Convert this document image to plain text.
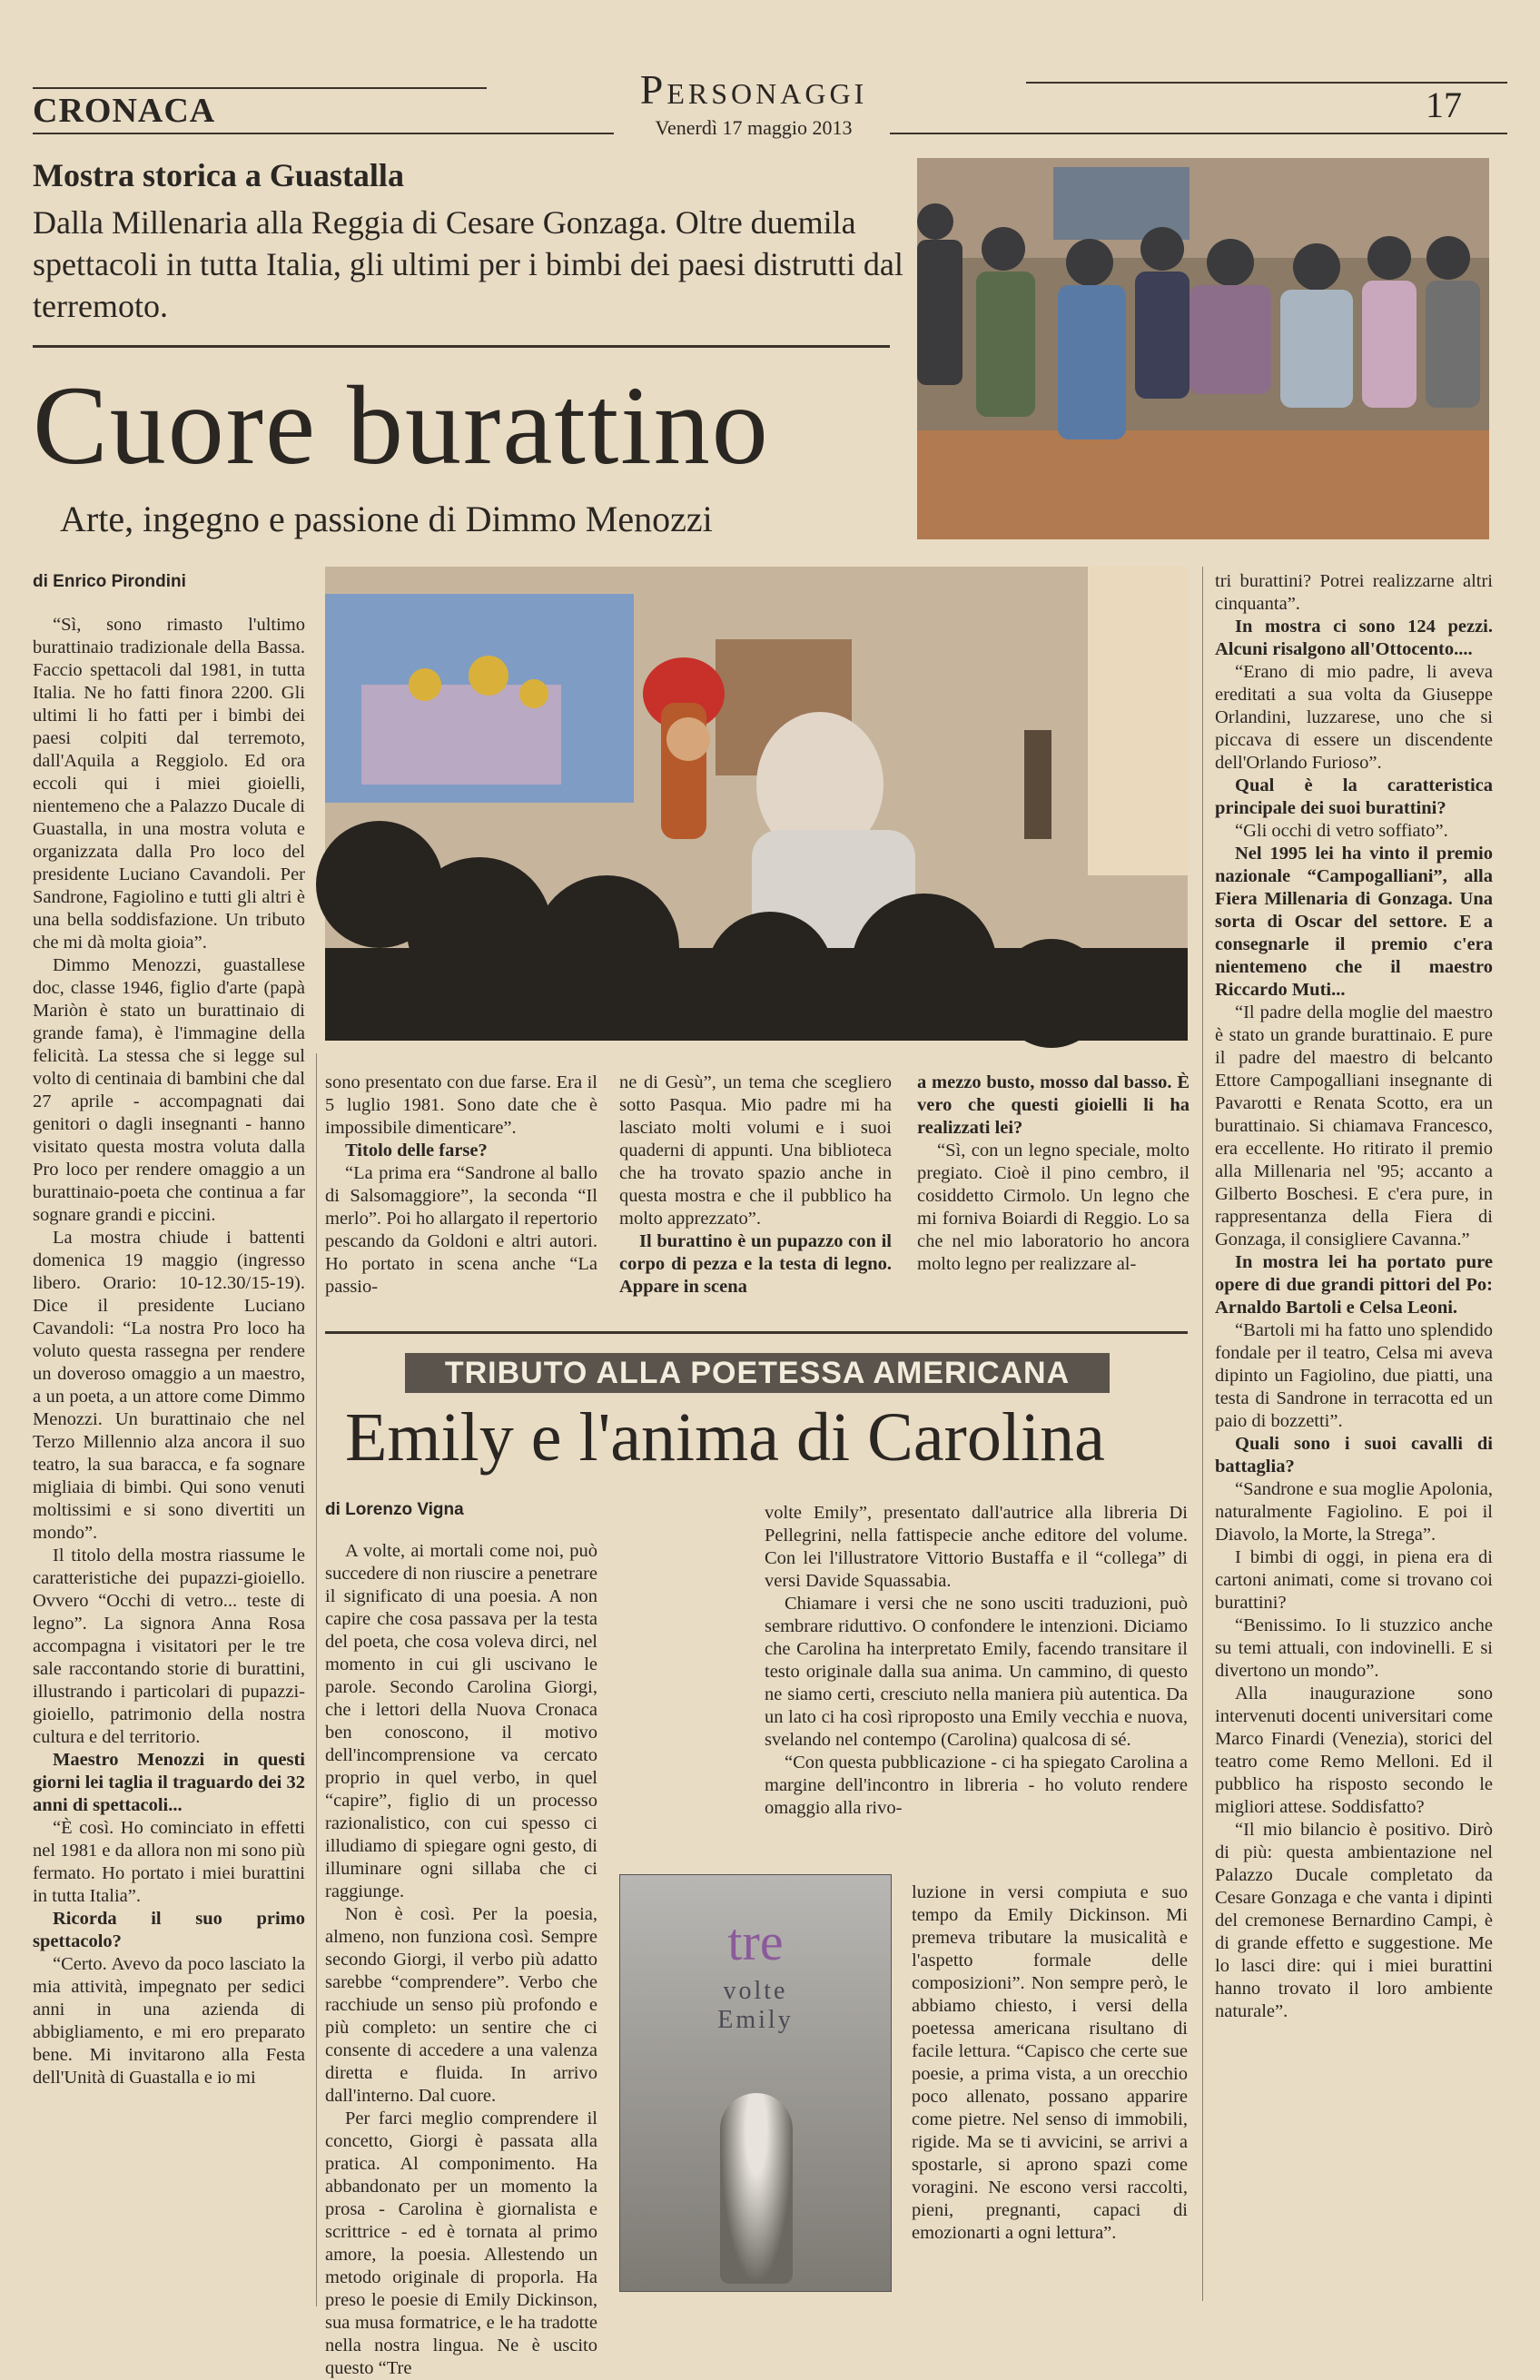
CRONACA	Personaggi
Venerdì 17 maggio 2013
17
Mostra storica a Guastalla
Dalla Millenaria alla Reggia di Cesare Gonzaga. Oltre duemila spettacoli in tutta Italia, gli ultimi per i bimbi dei paesi distrutti dal terremoto.
Cuore burattino
Arte, ingegno e passione di Dimmo Menozzi
di Enrico Pirondini

“Sì, sono rimasto l'ultimo burattinaio tradizionale della Bassa. Faccio spettacoli dal 1981, in tutta Italia. Ne ho fatti finora 2200. Gli ultimi li ho fatti per i bimbi dei paesi colpiti dal terremoto, dall'Aquila a Reggiolo. Ed ora eccoli qui i miei gioielli, nientemeno che a Palazzo Ducale di Guastalla, in una mostra voluta e organizzata dalla Pro loco del presidente Luciano Cavandoli. Per Sandrone, Fagiolino e tutti gli altri è una bella soddisfazione. Un tributo che mi dà molta gioia”.

Dimmo Menozzi, guastallese doc, classe 1946, figlio d'arte (papà Mariòn è stato un burattinaio di grande fama), è l'immagine della felicità. La stessa che si legge sul volto di centinaia di bambini che dal 27 aprile - accompagnati dai genitori o dagli insegnanti - hanno visitato questa mostra voluta dalla Pro loco per rendere omaggio a un burattinaio-poeta che continua a far sognare grandi e piccini.

La mostra chiude i battenti domenica 19 maggio (ingresso libero. Orario: 10-12.30/15-19). Dice il presidente Luciano Cavandoli: “La nostra Pro loco ha voluto questa rassegna per rendere un doveroso omaggio a un maestro, a un poeta, a un attore come Dimmo Menozzi. Un burattinaio che nel Terzo Millennio alza ancora il suo teatro, la sua baracca, e fa sognare migliaia di bimbi. Qui sono venuti moltissimi e si sono divertiti un mondo”.

Il titolo della mostra riassume le caratteristiche dei pupazzi-gioiello. Ovvero “Occhi di vetro... teste di legno”. La signora Anna Rosa accompagna i visitatori per le tre sale raccontando storie di burattini, illustrando i particolari di pupazzi-gioiello, patrimonio della nostra cultura e del territorio.

Maestro Menozzi in questi giorni lei taglia il traguardo dei 32 anni di spettacoli...

“È così. Ho cominciato in effetti nel 1981 e da allora non mi sono più fermato. Ho portato i miei burattini in tutta Italia”.

Ricorda il suo primo spettacolo?

“Certo. Avevo da poco lasciato la mia attività, impegnato per sedici anni in una azienda di abbigliamento, e mi ero preparato bene. Mi invitarono alla Festa dell'Unità di Guastalla e io mi

sono presentato con due farse. Era il 5 luglio 1981. Sono date che è impossibile dimenticare”.

Titolo delle farse?

“La prima era “Sandrone al ballo di Salsomaggiore”, la seconda “Il merlo”. Poi ho allargato il repertorio pescando da Goldoni e altri autori. Ho portato in scena anche “La passio-

ne di Gesù”, un tema che scegliero sotto Pasqua. Mio padre mi ha lasciato molti volumi e i suoi quaderni di appunti. Una biblioteca che ha trovato spazio anche in questa mostra e che il pubblico ha molto apprezzato”.

Il burattino è un pupazzo con il corpo di pezza e la testa di legno. Appare in scena

a mezzo busto, mosso dal basso. È vero che questi gioielli li ha realizzati lei?

“Sì, con un legno speciale, molto pregiato. Cioè il pino cembro, il cosiddetto Cirmolo. Un legno che mi forniva Boiardi di Reggio. Lo sa che nel mio laboratorio ho ancora molto legno per realizzare al-

tri burattini? Potrei realizzarne altri cinquanta”.

In mostra ci sono 124 pezzi. Alcuni risalgono all'Ottocento....

“Erano di mio padre, li aveva ereditati a sua volta da Giuseppe Orlandini, luzzarese, uno che si piccava di essere un discendente dell'Orlando Furioso”.

Qual è la caratteristica principale dei suoi burattini?

“Gli occhi di vetro soffiato”.

Nel 1995 lei ha vinto il premio nazionale “Campogalliani”, alla Fiera Millenaria di Gonzaga. Una sorta di Oscar del settore. E a consegnarle il premio c'era nientemeno che il maestro Riccardo Muti...

“Il padre della moglie del maestro è stato un grande burattinaio. E pure il padre del maestro di belcanto Ettore Campogalliani insegnante di Pavarotti e Renata Scotto, era un burattinaio. Si chiamava Francesco, era eccellente. Ho ritirato il premio alla Millenaria nel '95; accanto a Gilberto Boschesi. E c'era pure, in rappresentanza della Fiera di Gonzaga, il consigliere Cavanna.”

In mostra lei ha portato pure opere di due grandi pittori del Po: Arnaldo Bartoli e Celsa Leoni.

“Bartoli mi ha fatto uno splendido fondale per il teatro, Celsa mi aveva dipinto un Fagiolino, due piatti, una testa di Sandrone in terracotta ed un paio di bozzetti”.

Quali sono i suoi cavalli di battaglia?

“Sandrone e sua moglie Apolonia, naturalmente Fagiolino. E poi il Diavolo, la Morte, la Strega”.

I bimbi di oggi, in piena era di cartoni animati, come si trovano coi burattini?

“Benissimo. Io li stuzzico anche su temi attuali, con indovinelli. E si divertono un mondo”.

Alla inaugurazione sono intervenuti docenti universitari come Marco Finardi (Venezia), storici del teatro come Remo Melloni. Ed il pubblico ha risposto secondo le migliori attese. Soddisfatto?

“Il mio bilancio è positivo. Dirò di più: questa ambientazione nel Palazzo Ducale completato da Cesare Gonzaga e che vanta i dipinti del cremonese Bernardino Campi, è di grande effetto e suggestione. Me lo lasci dire: qui i miei burattini hanno trovato il loro ambiente naturale”.

TRIBUTO ALLA POETESSA AMERICANA
Emily e l'anima di Carolina
di Lorenzo Vigna

A volte, ai mortali come noi, può succedere di non riuscire a penetrare il significato di una poesia. A non capire che cosa passava per la testa del poeta, che cosa voleva dirci, nel momento in cui gli uscivano le parole. Secondo Carolina Giorgi, che i lettori della Nuova Cronaca ben conoscono, il motivo dell'incomprensione va cercato proprio in quel verbo, in quel “capire”, figlio di un processo razionalistico, con cui spesso ci illudiamo di spiegare ogni gesto, di illuminare ogni sillaba che ci raggiunge.

Non è così. Per la poesia, almeno, non funziona così. Sempre secondo Giorgi, il verbo più adatto sarebbe “comprendere”. Verbo che racchiude un senso più profondo e più completo: un sentire che ci consente di accedere a una valenza diretta e fluida. In arrivo dall'interno. Dal cuore.

Per farci meglio comprendere il concetto, Giorgi è passata alla pratica. Al componimento. Ha abbandonato per un momento la prosa - Carolina è giornalista e scrittrice - ed è tornata al primo amore, la poesia. Allestendo un metodo originale di proporla. Ha preso le poesie di Emily Dickinson, sua musa formatrice, e le ha tradotte nella nostra lingua. Ne è uscito questo “Tre

volte Emily”, presentato dall'autrice alla libreria Di Pellegrini, nella fattispecie anche editore del volume. Con lei l'illustratore Vittorio Bustaffa e il “collega” di versi Davide Squassabia.

Chiamare i versi che ne sono usciti traduzioni, può sembrare riduttivo. O confondere le intenzioni. Diciamo che Carolina ha interpretato Emily, facendo transitare il testo originale dalla sua anima. Un cammino, di questo ne siamo certi, cresciuto nella maniera più autentica. Da un lato ci ha così riproposto una Emily vecchia e nuova, svelando nel contempo (Carolina) qualcosa di sé.

“Con questa pubblicazione - ci ha spiegato Carolina a margine dell'incontro in libreria - ho voluto rendere omaggio alla rivo-

tre
volte
Emily

luzione in versi compiuta e suo tempo da Emily Dickinson. Mi premeva tributare la musicalità e l'aspetto formale delle composizioni”. Non sempre però, le abbiamo chiesto, i versi della poetessa americana risultano di facile lettura. “Capisco che certe sue poesie, a prima vista, a un orecchio poco allenato, possano apparire come pietre. Nel senso di immobili, rigide. Ma se ti avvicini, se arrivi a spostarle, si aprono spazi come voragini. Ne escono versi raccolti, pieni, pregnanti, capaci di emozionarti a ogni lettura”.
